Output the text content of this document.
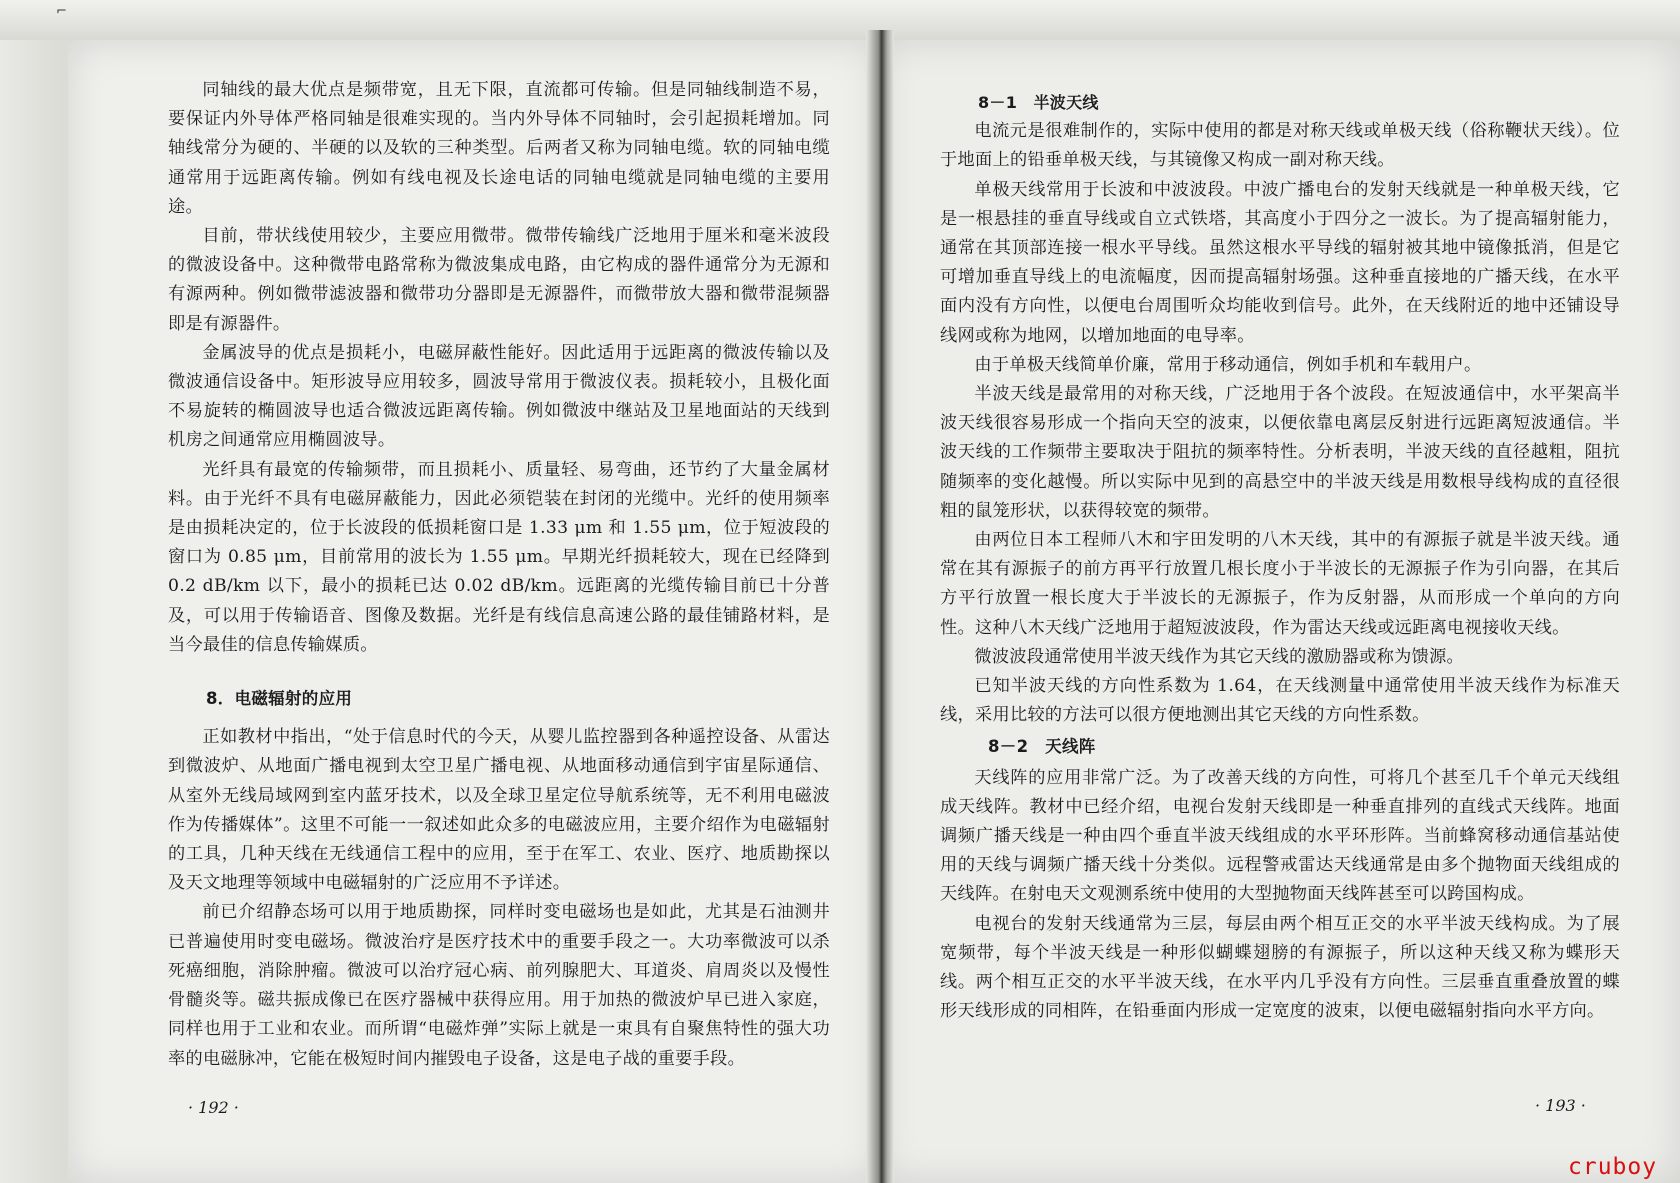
⌐

同轴线的最大优点是频带宽，且无下限，直流都可传输。但是同轴线制造不易，要保证内外导体严格同轴是很难实现的。当内外导体不同轴时，会引起损耗增加。同轴线常分为硬的、半硬的以及软的三种类型。后两者又称为同轴电缆。软的同轴电缆通常用于远距离传输。例如有线电视及长途电话的同轴电缆就是同轴电缆的主要用途。

目前，带状线使用较少，主要应用微带。微带传输线广泛地用于厘米和毫米波段的微波设备中。这种微带电路常称为微波集成电路，由它构成的器件通常分为无源和有源两种。例如微带滤波器和微带功分器即是无源器件，而微带放大器和微带混频器即是有源器件。

金属波导的优点是损耗小，电磁屏蔽性能好。因此适用于远距离的微波传输以及微波通信设备中。矩形波导应用较多，圆波导常用于微波仪表。损耗较小，且极化面不易旋转的椭圆波导也适合微波远距离传输。例如微波中继站及卫星地面站的天线到机房之间通常应用椭圆波导。

光纤具有最宽的传输频带，而且损耗小、质量轻、易弯曲，还节约了大量金属材料。由于光纤不具有电磁屏蔽能力，因此必须铠装在封闭的光缆中。光纤的使用频率是由损耗决定的，位于长波段的低损耗窗口是 1.33 μm 和 1.55 μm，位于短波段的窗口为 0.85 μm，目前常用的波长为 1.55 μm。早期光纤损耗较大，现在已经降到 0.2 dB/km 以下，最小的损耗已达 0.02 dB/km。远距离的光缆传输目前已十分普及，可以用于传输语音、图像及数据。光纤是有线信息高速公路的最佳铺路材料，是当今最佳的信息传输媒质。

8．电磁辐射的应用

正如教材中指出，“处于信息时代的今天，从婴儿监控器到各种遥控设备、从雷达到微波炉、从地面广播电视到太空卫星广播电视、从地面移动通信到宇宙星际通信、从室外无线局域网到室内蓝牙技术，以及全球卫星定位导航系统等，无不利用电磁波作为传播媒体”。这里不可能一一叙述如此众多的电磁波应用，主要介绍作为电磁辐射的工具，几种天线在无线通信工程中的应用，至于在军工、农业、医疗、地质勘探以及天文地理等领域中电磁辐射的广泛应用不予详述。

前已介绍静态场可以用于地质勘探，同样时变电磁场也是如此，尤其是石油测井已普遍使用时变电磁场。微波治疗是医疗技术中的重要手段之一。大功率微波可以杀死癌细胞，消除肿瘤。微波可以治疗冠心病、前列腺肥大、耳道炎、肩周炎以及慢性骨髓炎等。磁共振成像已在医疗器械中获得应用。用于加热的微波炉早已进入家庭，同样也用于工业和农业。而所谓“电磁炸弹”实际上就是一束具有自聚焦特性的强大功率的电磁脉冲，它能在极短时间内摧毁电子设备，这是电子战的重要手段。

· 192 ·
8－1　半波天线

电流元是很难制作的，实际中使用的都是对称天线或单极天线（俗称鞭状天线）。位于地面上的铅垂单极天线，与其镜像又构成一副对称天线。

单极天线常用于长波和中波波段。中波广播电台的发射天线就是一种单极天线，它是一根悬挂的垂直导线或自立式铁塔，其高度小于四分之一波长。为了提高辐射能力，通常在其顶部连接一根水平导线。虽然这根水平导线的辐射被其地中镜像抵消，但是它可增加垂直导线上的电流幅度，因而提高辐射场强。这种垂直接地的广播天线，在水平面内没有方向性，以便电台周围听众均能收到信号。此外，在天线附近的地中还铺设导线网或称为地网，以增加地面的电导率。

由于单极天线简单价廉，常用于移动通信，例如手机和车载用户。

半波天线是最常用的对称天线，广泛地用于各个波段。在短波通信中，水平架高半波天线很容易形成一个指向天空的波束，以便依靠电离层反射进行远距离短波通信。半波天线的工作频带主要取决于阻抗的频率特性。分析表明，半波天线的直径越粗，阻抗随频率的变化越慢。所以实际中见到的高悬空中的半波天线是用数根导线构成的直径很粗的鼠笼形状，以获得较宽的频带。

由两位日本工程师八木和宇田发明的八木天线，其中的有源振子就是半波天线。通常在其有源振子的前方再平行放置几根长度小于半波长的无源振子作为引向器，在其后方平行放置一根长度大于半波长的无源振子，作为反射器，从而形成一个单向的方向性。这种八木天线广泛地用于超短波波段，作为雷达天线或远距离电视接收天线。

微波波段通常使用半波天线作为其它天线的激励器或称为馈源。

已知半波天线的方向性系数为 1.64，在天线测量中通常使用半波天线作为标准天线，采用比较的方法可以很方便地测出其它天线的方向性系数。

8－2　天线阵

天线阵的应用非常广泛。为了改善天线的方向性，可将几个甚至几千个单元天线组成天线阵。教材中已经介绍，电视台发射天线即是一种垂直排列的直线式天线阵。地面调频广播天线是一种由四个垂直半波天线组成的水平环形阵。当前蜂窝移动通信基站使用的天线与调频广播天线十分类似。远程警戒雷达天线通常是由多个抛物面天线组成的天线阵。在射电天文观测系统中使用的大型抛物面天线阵甚至可以跨国构成。

电视台的发射天线通常为三层，每层由两个相互正交的水平半波天线构成。为了展宽频带，每个半波天线是一种形似蝴蝶翅膀的有源振子，所以这种天线又称为蝶形天线。两个相互正交的水平半波天线，在水平内几乎没有方向性。三层垂直重叠放置的蝶形天线形成的同相阵，在铅垂面内形成一定宽度的波束，以便电磁辐射指向水平方向。

· 193 ·
cruboy
